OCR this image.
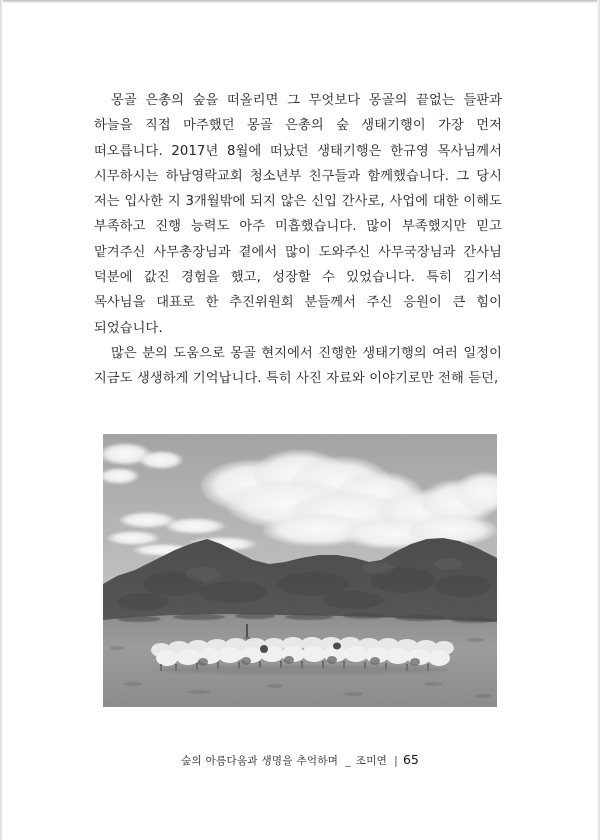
몽골 은총의 숲을 떠올리면 그 무엇보다 몽골의 끝없는 들판과 하늘을 직접 마주했던 몽골 은총의 숲 생태기행이 가장 먼저 떠오릅니다. 2017년 8월에 떠났던 생태기행은 한규영 목사님께서 시무하시는 하남영락교회 청소년부 친구들과 함께했습니다. 그 당시 저는 입사한 지 3개월밖에 되지 않은 신입 간사로, 사업에 대한 이해도 부족하고 진행 능력도 아주 미흡했습니다. 많이 부족했지만 믿고 맡겨주신 사무총장님과 곁에서 많이 도와주신 사무국장님과 간사님 덕분에 값진 경험을 했고, 성장할 수 있었습니다. 특히 김기석 목사님을 대표로 한 추진위원회 분들께서 주신 응원이 큰 힘이 되었습니다.

많은 분의 도움으로 몽골 현지에서 진행한 생태기행의 여러 일정이 지금도 생생하게 기억납니다. 특히 사진 자료와 이야기로만 전해 듣던,

숲의 아름다움과 생명을 추억하며 _ 조미연 | 65
